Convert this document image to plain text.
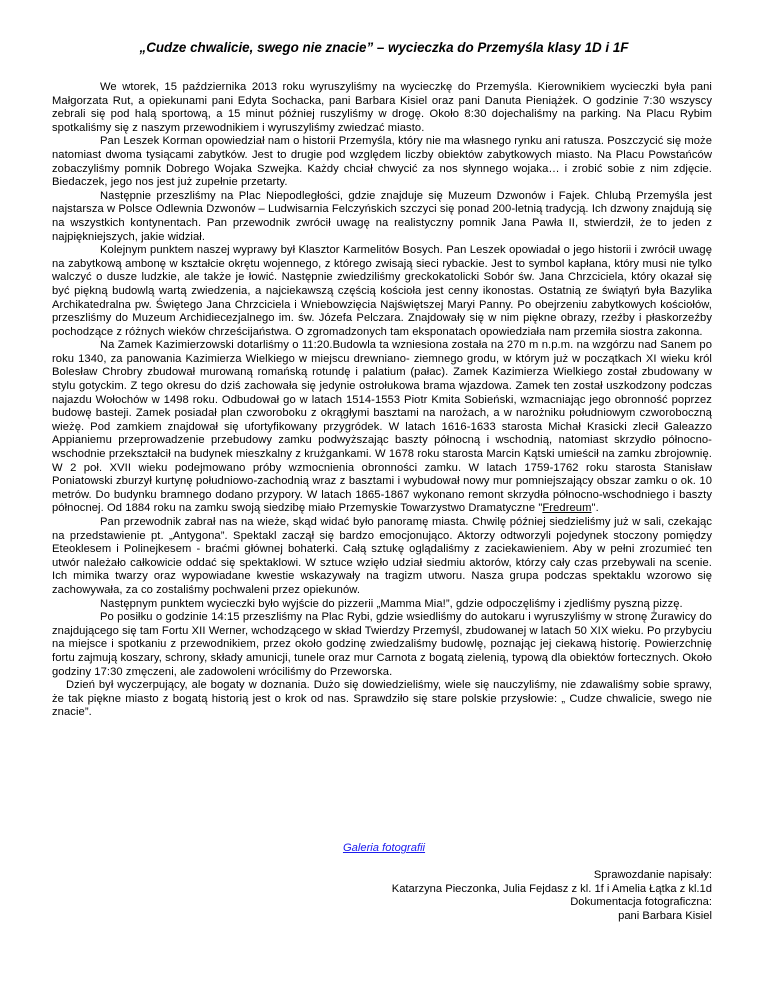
„Cudze chwalicie, swego nie znacie” – wycieczka do Przemyśla klasy 1D i 1F

We wtorek, 15 października 2013 roku wyruszyliśmy na wycieczkę do Przemyśla. Kierownikiem wycieczki była pani Małgorzata Rut, a opiekunami pani Edyta Sochacka, pani Barbara Kisiel oraz pani Danuta Pieniążek. O godzinie 7:30 wszyscy zebrali się pod halą sportową, a 15 minut później ruszyliśmy w drogę. Około 8:30 dojechaliśmy na parking. Na Placu Rybim spotkaliśmy się z naszym przewodnikiem i wyruszyliśmy zwiedzać miasto.

Pan Leszek Korman opowiedział nam o historii Przemyśla, który nie ma własnego rynku ani ratusza. Poszczycić się może natomiast dwoma tysiącami zabytków. Jest to drugie pod względem liczby obiektów zabytkowych miasto. Na Placu Powstańców zobaczyliśmy pomnik Dobrego Wojaka Szwejka. Każdy chciał chwycić za nos słynnego wojaka… i zrobić sobie z nim zdjęcie. Biedaczek, jego nos jest już zupełnie przetarty.

Następnie przeszliśmy na Plac Niepodległości, gdzie znajduje się Muzeum Dzwonów i Fajek. Chlubą Przemyśla jest najstarsza w Polsce Odlewnia Dzwonów – Ludwisarnia Felczyńskich szczyci się ponad 200-letnią tradycją. Ich dzwony znajdują się na wszystkich kontynentach. Pan przewodnik zwrócił uwagę na realistyczny pomnik Jana Pawła II, stwierdził, że to jeden z najpiękniejszych, jakie widział.

Kolejnym punktem naszej wyprawy był Klasztor Karmelitów Bosych. Pan Leszek opowiadał o jego historii i zwrócił uwagę na zabytkową ambonę w kształcie okrętu wojennego, z którego zwisają sieci rybackie. Jest to symbol kapłana, który musi nie tylko walczyć o dusze ludzkie, ale także je łowić. Następnie zwiedziliśmy greckokatolicki Sobór św. Jana Chrzciciela, który okazał się być piękną budowlą wartą zwiedzenia, a najciekawszą częścią kościoła jest cenny ikonostas. Ostatnią ze świątyń była Bazylika Archikatedralna pw. Świętego Jana Chrzciciela i Wniebowzięcia Najświętszej Maryi Panny. Po obejrzeniu zabytkowych kościołów, przeszliśmy do Muzeum Archidiecezjalnego im. św. Józefa Pelczara. Znajdowały się w nim piękne obrazy, rzeźby i płaskorzeźby pochodzące z różnych wieków chrześcijaństwa. O zgromadzonych tam eksponatach opowiedziała nam przemiła siostra zakonna.

Na Zamek Kazimierzowski dotarliśmy o 11:20.Budowla ta wzniesiona została na 270 m n.p.m. na wzgórzu nad Sanem po roku 1340, za panowania Kazimierza Wielkiego w miejscu drewniano- ziemnego grodu, w którym już w początkach XI wieku król Bolesław Chrobry zbudował murowaną romańską rotundę i palatium (pałac). Zamek Kazimierza Wielkiego został zbudowany w stylu gotyckim. Z tego okresu do dziś zachowała się jedynie ostrołukowa brama wjazdowa. Zamek ten został uszkodzony podczas najazdu Wołochów w 1498 roku. Odbudował go w latach 1514-1553 Piotr Kmita Sobieński, wzmacniając jego obronność poprzez budowę basteji. Zamek posiadał plan czworoboku z okrągłymi basztami na narożach, a w narożniku południowym czworoboczną wieżę. Pod zamkiem znajdował się ufortyfikowany przygródek. W latach 1616-1633 starosta Michał Krasicki zlecił Galeazzo Appianiemu przeprowadzenie przebudowy zamku podwyższając baszty północną i wschodnią, natomiast skrzydło północno-wschodnie przekształcił na budynek mieszkalny z krużgankami. W 1678 roku starosta Marcin Kątski umieścił na zamku zbrojownię. W 2 poł. XVII wieku podejmowano próby wzmocnienia obronności zamku. W latach 1759-1762 roku starosta Stanisław Poniatowski zburzył kurtynę południowo-zachodnią wraz z basztami i wybudował nowy mur pomniejszający obszar zamku o ok. 10 metrów. Do budynku bramnego dodano przypory. W latach 1865-1867 wykonano remont skrzydła północno-wschodniego i baszty północnej. Od 1884 roku na zamku swoją siedzibę miało Przemyskie Towarzystwo Dramatyczne "Fredreum".

Pan przewodnik zabrał nas na wieże, skąd widać było panoramę miasta. Chwilę później siedzieliśmy już w sali, czekając na przedstawienie pt. „Antygona”. Spektakl zaczął się bardzo emocjonująco. Aktorzy odtworzyli pojedynek stoczony pomiędzy Eteoklesem i Polinejkesem - braćmi głównej bohaterki. Całą sztukę oglądaliśmy z zaciekawieniem. Aby w pełni zrozumieć ten utwór należało całkowicie oddać się spektaklowi. W sztuce wzięło udział siedmiu aktorów, którzy cały czas przebywali na scenie. Ich mimika twarzy oraz wypowiadane kwestie wskazywały na tragizm utworu. Nasza grupa podczas spektaklu wzorowo się zachowywała, za co zostaliśmy pochwaleni przez opiekunów.

Następnym punktem wycieczki było wyjście do pizzerii „Mamma Mia!”, gdzie odpoczęliśmy i zjedliśmy pyszną pizzę.

Po posiłku o godzinie 14:15 przeszliśmy na Plac Rybi, gdzie wsiedliśmy do autokaru i wyruszyliśmy w stronę Żurawicy do znajdującego się tam Fortu XII Werner, wchodzącego w skład Twierdzy Przemyśl, zbudowanej w latach 50 XIX wieku. Po przybyciu na miejsce i spotkaniu z przewodnikiem, przez około godzinę zwiedzaliśmy budowlę, poznając jej ciekawą historię. Powierzchnię fortu zajmują koszary, schrony, składy amunicji, tunele oraz mur Carnota z bogatą zielenią, typową dla obiektów fortecznych. Około godziny 17:30 zmęczeni, ale zadowoleni wróciliśmy do Przeworska.

Dzień był wyczerpujący, ale bogaty w doznania. Dużo się dowiedzieliśmy, wiele się nauczyliśmy, nie zdawaliśmy sobie sprawy, że tak piękne miasto z bogatą historią jest o krok od nas. Sprawdziło się stare polskie przysłowie: „ Cudze chwalicie, swego nie znacie”.

Galeria fotografii
Sprawozdanie napisały:
Katarzyna Pieczonka, Julia Fejdasz z kl. 1f i Amelia Łątka z kl.1d
Dokumentacja fotograficzna:
pani Barbara Kisiel
